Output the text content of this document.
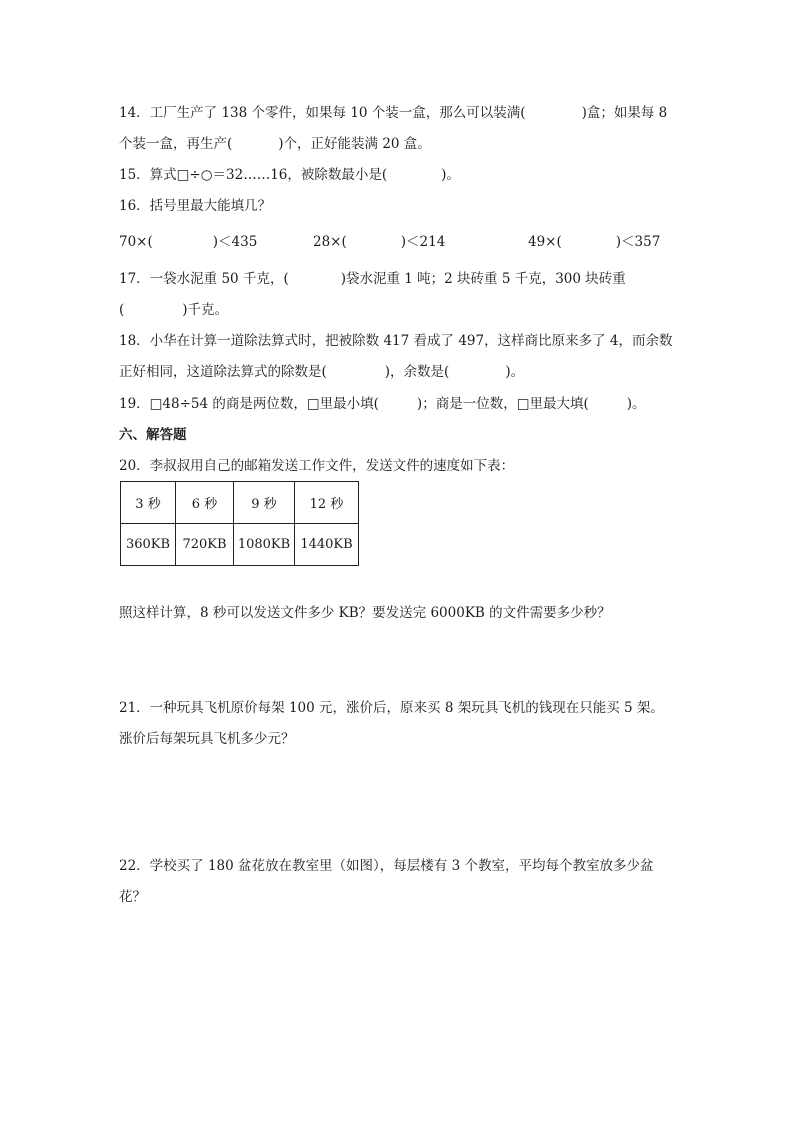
14．工厂生产了 138 个零件，如果每 10 个装一盒，那么可以装满(	)盒；如果每 8
个装一盒，再生产(	)个，正好能装满 20 盒。
15．算式□÷○＝32……16，被除数最小是(	)。
16．括号里最大能填几？
70×(	)＜435	28×(	)＜214	49×(	)＜357
17．一袋水泥重 50 千克，(	)袋水泥重 1 吨；2 块砖重 5 千克，300 块砖重
(	)千克。
18．小华在计算一道除法算式时，把被除数 417 看成了 497，这样商比原来多了 4，而余数
正好相同，这道除法算式的除数是(	)，余数是(	)。
19．□48÷54 的商是两位数，□里最小填(	)；商是一位数，□里最大填(	)。
六、解答题
20．李叔叔用自己的邮箱发送工作文件，发送文件的速度如下表：
3 秒	6 秒	9 秒	12 秒
360KB	720KB	1080KB	1440KB
照这样计算，8 秒可以发送文件多少 KB？要发送完 6000KB 的文件需要多少秒？
21．一种玩具飞机原价每架 100 元，涨价后，原来买 8 架玩具飞机的钱现在只能买 5 架。
涨价后每架玩具飞机多少元？
22．学校买了 180 盆花放在教室里（如图），每层楼有 3 个教室，平均每个教室放多少盆
花？
